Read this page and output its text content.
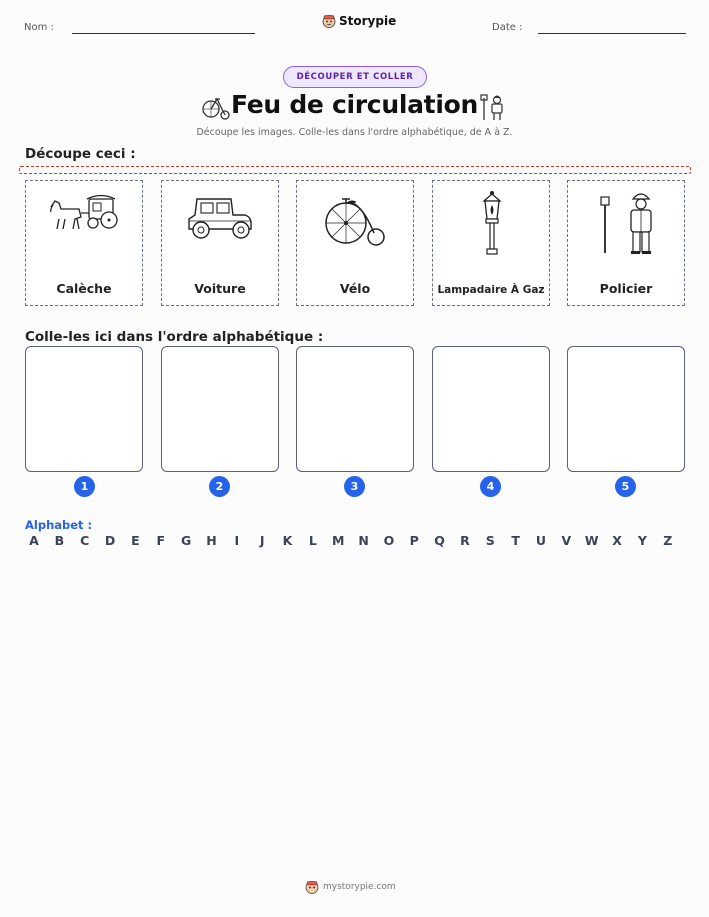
Nom :	Storypie	Date :
DÉCOUPER ET COLLER
Feu de circulation
Découpe les images. Colle-les dans l'ordre alphabétique, de A à Z.
Découpe ceci :
Calèche	Voiture	Vélo	Lampadaire À Gaz	Policier
Colle-les ici dans l'ordre alphabétique :
1	2	3	4	5
Alphabet :
A	B	C	D	E	F	G	H	I	J	K	L	M	N	O	P	Q	R	S	T	U	V	W	X	Y	Z
mystorypie.com
